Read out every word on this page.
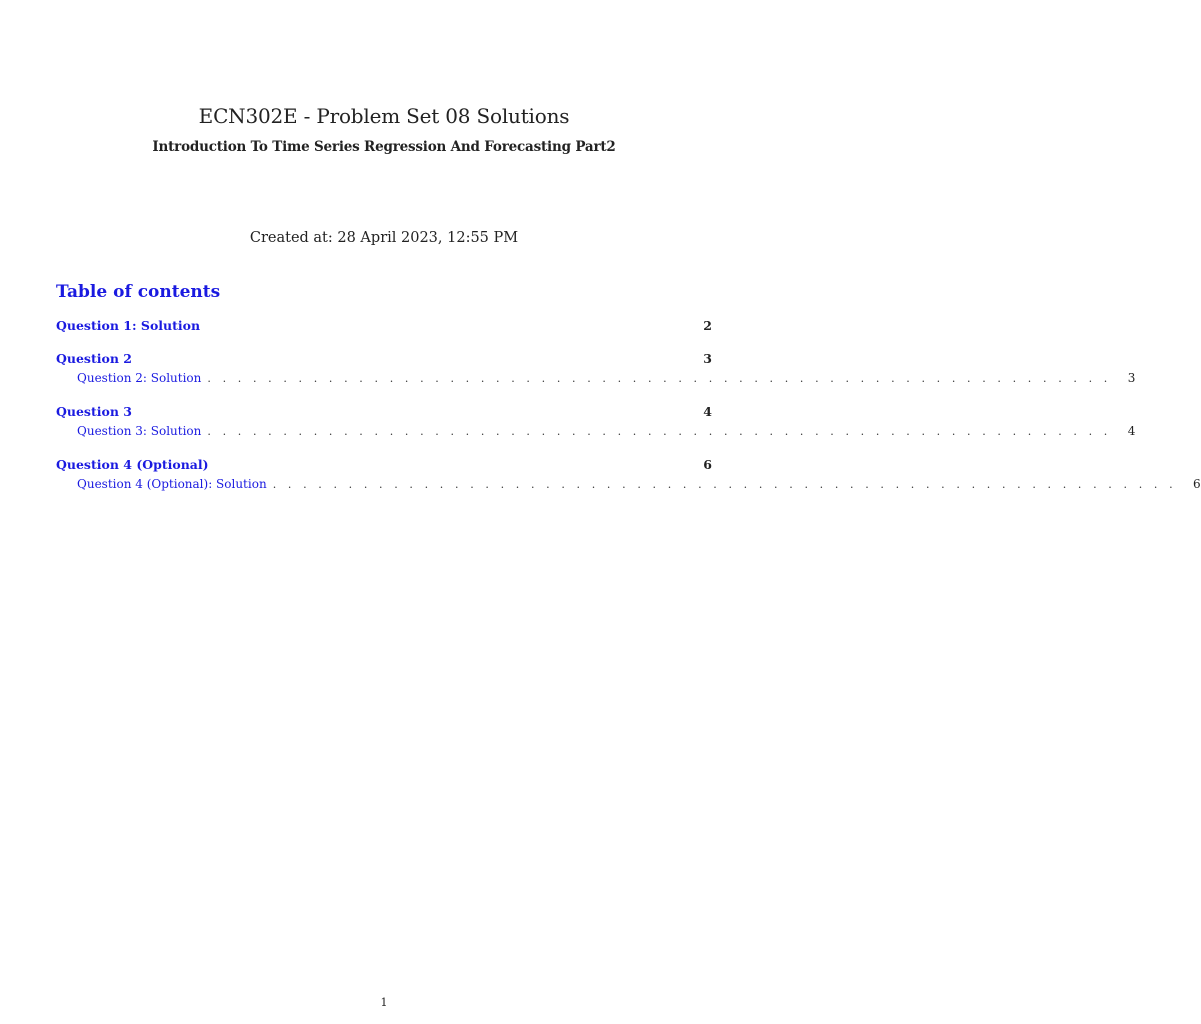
ECN302E - Problem Set 08 Solutions
Introduction To Time Series Regression And Forecasting Part2
Created at: 28 April 2023, 12:55 PM
Table of contents
Question 1: Solution	2
Question 2	3
Question 2: Solution . . . . . . . . . . . . . . . . . . . . . . . . . . . . . . . . . . . . . . . . . . . . . . . . . . . . . . . . . . . . 3
Question 3	4
Question 3: Solution . . . . . . . . . . . . . . . . . . . . . . . . . . . . . . . . . . . . . . . . . . . . . . . . . . . . . . . . . . . . 4
Question 4 (Optional)	6
Question 4 (Optional): Solution . . . . . . . . . . . . . . . . . . . . . . . . . . . . . . . . . . . . . . . . . . . . . . . . . . . . . . . . . . . . 6
1
